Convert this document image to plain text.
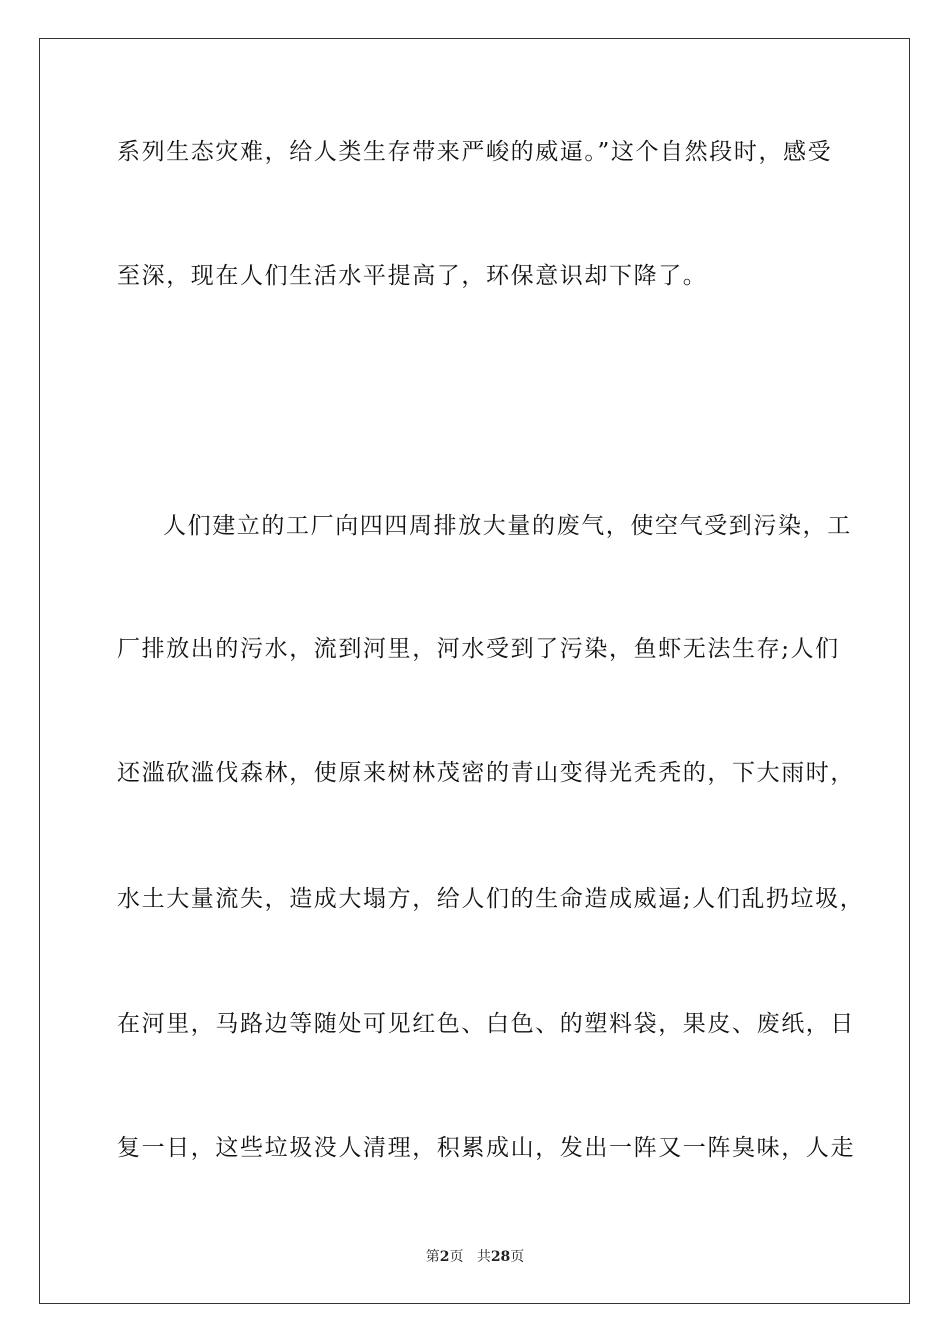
系列生态灾难，给人类生存带来严峻的威逼。”这个自然段时，感受
至深，现在人们生活水平提高了，环保意识却下降了。
人们建立的工厂向四四周排放大量的废气，使空气受到污染，工
厂排放出的污水，流到河里，河水受到了污染，鱼虾无法生存;人们
还滥砍滥伐森林，使原来树林茂密的青山变得光秃秃的，下大雨时，
水土大量流失，造成大塌方，给人们的生命造成威逼;人们乱扔垃圾，
在河里，马路边等随处可见红色、白色、的塑料袋，果皮、废纸，日
复一日，这些垃圾没人清理，积累成山，发出一阵又一阵臭味，人走
第2页 共28页
